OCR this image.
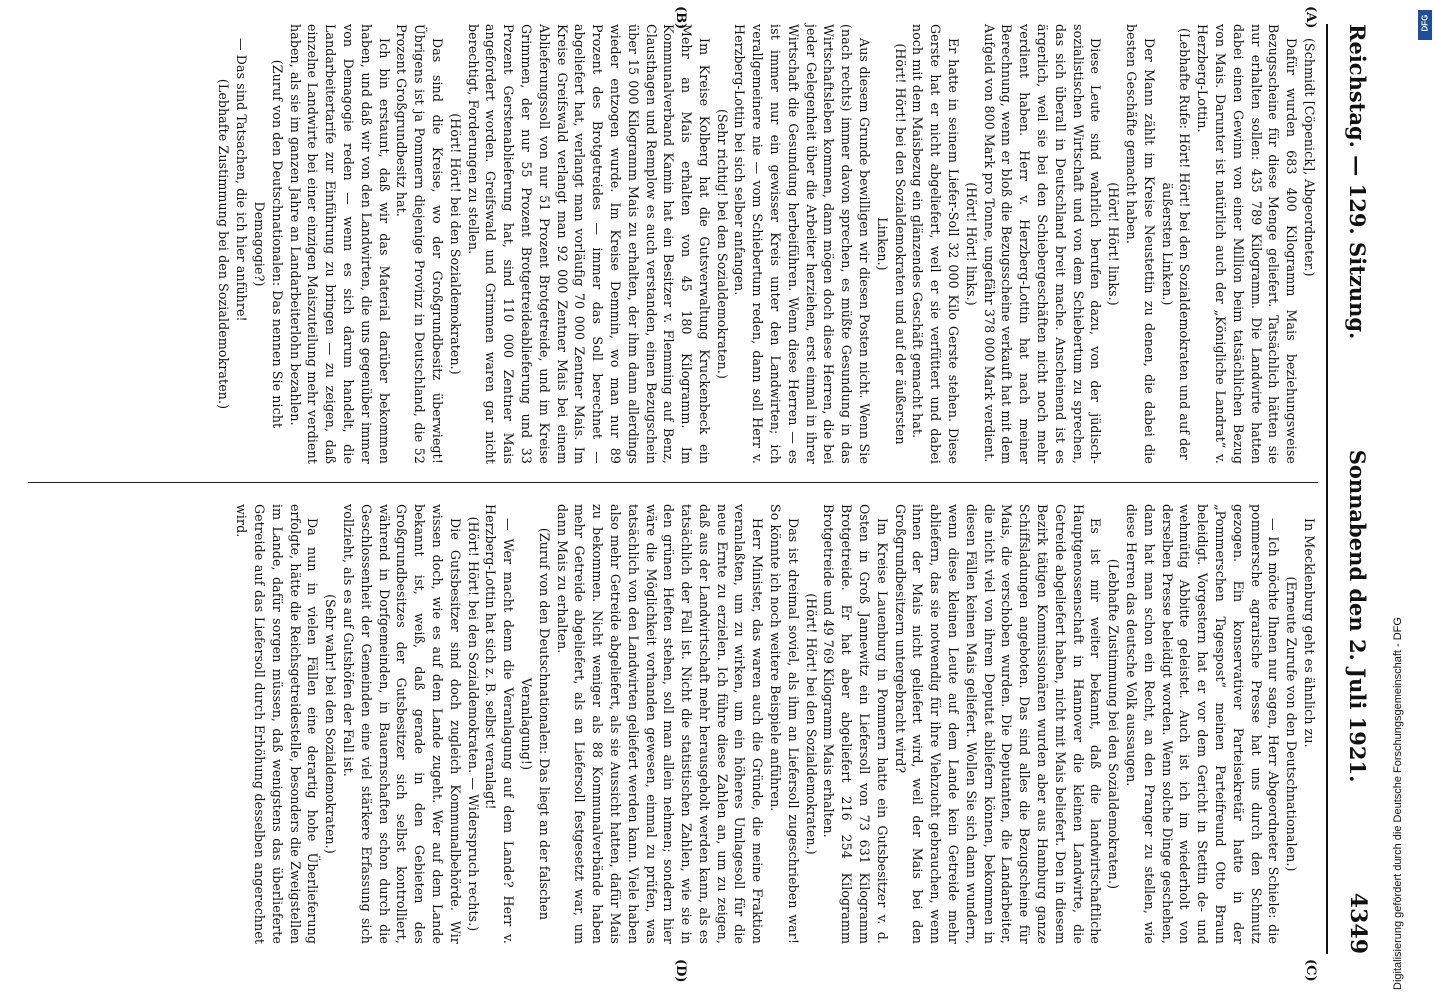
Reichstag. — 129. Sitzung.
Sonnabend den 2. Juli 1921.
4349
(A)
(B)
(C)
(D)

(Schmidt [Cöpenick], Abgeordneter.)

Dafür wurden 683 400 Kilogramm Mais beziehungsweise Bezugsscheine für diese Menge geliefert. Tatsächlich hätten sie nur erhalten sollen: 435 789 Kilogramm. Die Landwirte hatten dabei einen Gewinn von einer Million beim tatsächlichen Bezug von Mais. Darunter ist natürlich auch der „Königliche Landrat“ v. Herzberg-Lottin.

(Lebhafte Rufe: Hört! Hört! bei den Sozialdemokraten und auf der äußersten Linken.)

Der Mann zählt im Kreise Neustettin zu denen, die dabei die besten Geschäfte gemacht haben.

(Hört! Hört! links.)

Diese Leute sind wahrlich berufen dazu, von der jüdisch-sozialistischen Wirtschaft und von dem Schiebertum zu sprechen, das sich überall in Deutschland breit mache. Anscheinend ist es ärgerlich, weil sie bei den Schiebergeschäften nicht noch mehr verdient haben. Herr v. Herzberg-Lottin hat nach meiner Berechnung, wenn er bloß die Bezugsscheine verkauft hat mit dem Aufgeld von 800 Mark pro Tonne, ungefähr 378 000 Mark verdient.

(Hört! Hört! links.)

Er hatte in seinem Liefer-Soll 32 000 Kilo Gerste stehen. Diese Gerste hat er nicht abgeliefert, weil er sie verfüttert und dabei noch mit dem Maisbezug ein glänzendes Geschäft gemacht hat.

(Hört! Hört! bei den Sozialdemokraten und auf der äußersten Linken.)

Aus diesem Grunde bewilligen wir diesen Posten nicht. Wenn Sie (nach rechts) immer davon sprechen, es müßte Gesundung in das Wirtschaftsleben kommen, dann mögen doch diese Herren, die bei jeder Gelegenheit über die Arbeiter herziehen, erst einmal in ihrer Wirtschaft die Gesundung herbeiführen. Wenn diese Herren — es ist immer nur ein gewisser Kreis unter den Landwirten; ich verallgemeinere nie — vom Schiebertum reden, dann soll Herr v. Herzberg-Lottin bei sich selber anfangen.

(Sehr richtig! bei den Sozialdemokraten.)

Im Kreise Kolberg hat die Gutsverwaltung Kruckenbeck ein Mehr an Mais erhalten von 45 180 Kilogramm. Im Kommunalverband Kamin hat ein Besitzer v. Flemming auf Benz, Clausthagen und Remplow es auch verstanden, einen Bezugschein über 15 000 Kilogramm Mais zu erhalten, der ihm dann allerdings wieder entzogen wurde. Im Kreise Demmin, wo man nur 89 Prozent des Brotgetreides — immer das Soll berechnet — abgeliefert hat, verlangt man vorläufig 70 000 Zentner Mais. Im Kreise Greifswald verlangt man 92 000 Zentner Mais bei einem Ablieferungssoll von nur 51 Prozent Brotgetreide, und im Kreise Grimmen, der nur 55 Prozent Brotgetreideablieferung und 33 Prozent Gerstenablieferung hat, sind 110 000 Zentner Mais angefordert worden. Greifswald und Grimmen waren gar nicht berechtigt, Forderungen zu stellen.

(Hört! Hört! bei den Sozialdemokraten.)

Das sind die Kreise, wo der Großgrundbesitz überwiegt! Übrigens ist ja Pommern diejenige Provinz in Deutschland, die 52 Prozent Großgrundbesitz hat.

Ich bin erstaunt, daß wir das Material darüber bekommen haben, und daß wir von den Landwirten, die uns gegenüber immer von Demagogie reden — wenn es sich darum handelt, die Landarbeitertarife zur Einführung zu bringen — zu zeigen, daß einzelne Landwirte bei einer einzigen Maiszuteilung mehr verdient haben, als sie im ganzen Jahre an Landarbeiterlohn bezahlen.

(Zuruf von den Deutschnationalen: Das nennen Sie nicht Demagogie?)

— Das sind Tatsachen, die ich hier anführe!

(Lebhafte Zustimmung bei den Sozialdemokraten.)

In Mecklenburg geht es ähnlich zu.

(Erneute Zurufe von den Deutschnationalen.)

— Ich möchte Ihnen nur sagen, Herr Abgeordneter Schiele: die pommersche agrarische Presse hat uns durch den Schmutz gezogen. Ein konservativer Parteisekretär hatte in der „Pommerschen Tagespost“ meinen Parteifreund Otto Braun beleidigt. Vorgestern hat er vor dem Gericht in Stettin de- und wehmütig Abbitte geleistet. Auch ist ich im wiederholt von derselben Presse beleidigt worden. Wenn solche Dinge geschehen, dann hat man schon ein Recht, an den Pranger zu stellen, wie diese Herren das deutsche Volk aussaugen.

(Lebhafte Zustimmung bei den Sozialdemokraten.)

Es ist mir weiter bekannt, daß die landwirtschaftliche Hauptgenossenschaft in Hannover die kleinen Landwirte, die Getreide abgeliefert haben, nicht mit Mais beliefert. Den in diesem Bezirk tätigen Kommissionären wurden aber aus Hamburg ganze Schiffsladungen angeboten. Das sind alles die Bezugscheine für Mais, die verschoben wurden. Die Deputanten, die Landarbeiter, die nicht viel von ihrem Deputat abliefern können, bekommen in diesen Fällen keinen Mais geliefert. Wollen Sie sich dann wundern, wenn diese kleinen Leute auf dem Lande kein Getreide mehr abliefern, das sie notwendig für ihre Viehzucht gebrauchen, wenn ihnen der Mais nicht geliefert wird, weil der Mais bei den Großgrundbesitzern untergebracht wird?

Im Kreise Lauenburg in Pommern hatte ein Gutsbesitzer v. d. Osten in Groß Jannewitz ein Liefersoll von 73 631 Kilogramm Brotgetreide. Er hat aber abgeliefert 216 254 Kilogramm Brotgetreide und 49 769 Kilogramm Mais erhalten.

(Hört! Hört! bei den Sozialdemokraten.)

Das ist dreimal soviel, als ihm an Liefersoll zugeschrieben war! So könnte ich noch weitere Beispiele anführen.

Herr Minister, das waren auch die Gründe, die meine Fraktion veranlaßten, um zu wirken, um ein höheres Umlagesoll für die neue Ernte zu erzielen. Ich führe diese Zahlen an, um zu zeigen, daß aus der Landwirtschaft mehr herausgeholt werden kann, als es tatsächlich der Fall ist. Nicht die statistischen Zahlen, wie sie in den grünen Heften stehen, soll man allein nehmen; sondern hier wäre die Möglichkeit vorhanden gewesen, einmal zu prüfen, was tatsächlich von den Landwirten geliefert werden kann. Viele haben also mehr Getreide abgeliefert, als sie Aussicht hatten, dafür Mais zu bekommen. Nicht weniger als 88 Kommunalverbände haben mehr Getreide abgeliefert, als an Liefersoll festgesetzt war, um dann Mais zu erhalten.

(Zuruf von den Deutschnationalen: Das liegt an der falschen Veranlagung!)

— Wer macht denn die Veranlagung auf dem Lande? Herr v. Herzberg-Lottin hat sich z. B. selbst veranlagt!

(Hört! Hört! bei den Sozialdemokraten. — Widerspruch rechts.)

Die Gutsbesitzer sind doch zugleich Kommunalbehörde. Wir wissen doch, wie es auf dem Lande zugeht. Wer auf dem Lande bekannt ist, weiß, daß gerade in den Gebieten des Großgrundbesitzes der Gutsbesitzer sich selbst kontrolliert, während in Dorfgemeinden, in Bauernschaften schon durch die Geschlossenheit der Gemeinden eine viel stärkere Erfassung sich vollzieht, als es auf Gutshöfen der Fall ist.

(Sehr wahr! bei den Sozialdemokraten.)

Da nun in vielen Fällen eine derartig hohe Überlieferung erfolgte, hätte die Reichsgetreidestelle, besonders die Zweigstellen im Lande, dafür sorgen müssen, daß wenigstens das überlieferte Getreide auf das Liefersoll durch Erhöhung desselben angerechnet wird.

Digitalisierung gefördert durch die Deutsche Forschungsgemeinschaft - DFG
DFG
